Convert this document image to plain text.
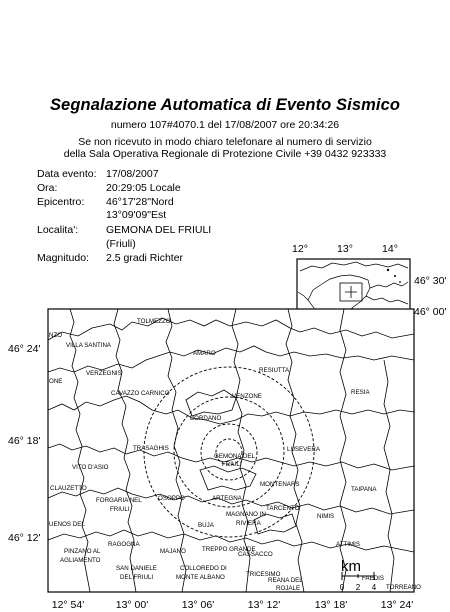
Segnalazione Automatica di Evento Sismico
numero 107#4070.1 del 17/08/2007 ore 20:34:26
Se non ricevuto in modo chiaro telefonare al numero di servizio
della Sala Operativa Regionale di Protezione Civile +39 0432 923333
Data evento: 17/08/2007
Ora:	20:29:05 Locale
Epicentro: 46°17'28"Nord
13°09'09"Est
Localita':	GEMONA DEL FRIULI
(Friuli)
Magnitudo: 2.5 gradi Richter
12°	13°	14°
46° 30'
46° 00'
TOLMEZZO
VILLA SANTINA
NZO
ONE
VERZEGNIS
AMARO
CAVAZZO CARNICO	VENZONE
RESIUTTA
RESIA
BORDANO
TRASAGHIS
GEMONA DEL
FRIULI
LUSEVERA
VITO D'ASIO
MONTENARS
CLAUZETTO
FORGARIA NEL
FRIULI
OSOPPO	ARTEGNA
TAIPANA
TARCENTO
NIMIS
UENOS DEL
MAGNANO IN
RIVIERA
BUJA
RAGOGNA	ATTIMIS
PINZANO AL
AGLIAMENTO
MAJANO	TREPPO GRANDE
CASSACCO
SAN DANIELE
DEL FRIULI
COLLOREDO DI
MONTE ALBANO	TRICESIMO
REANA DEL
ROJALE
FAEDIS
TORREANO
km
0 2 4
46° 24'
46° 18'
46° 12'
12° 54'	13° 00'	13° 06'	13° 12'	13° 18'	13° 24'
